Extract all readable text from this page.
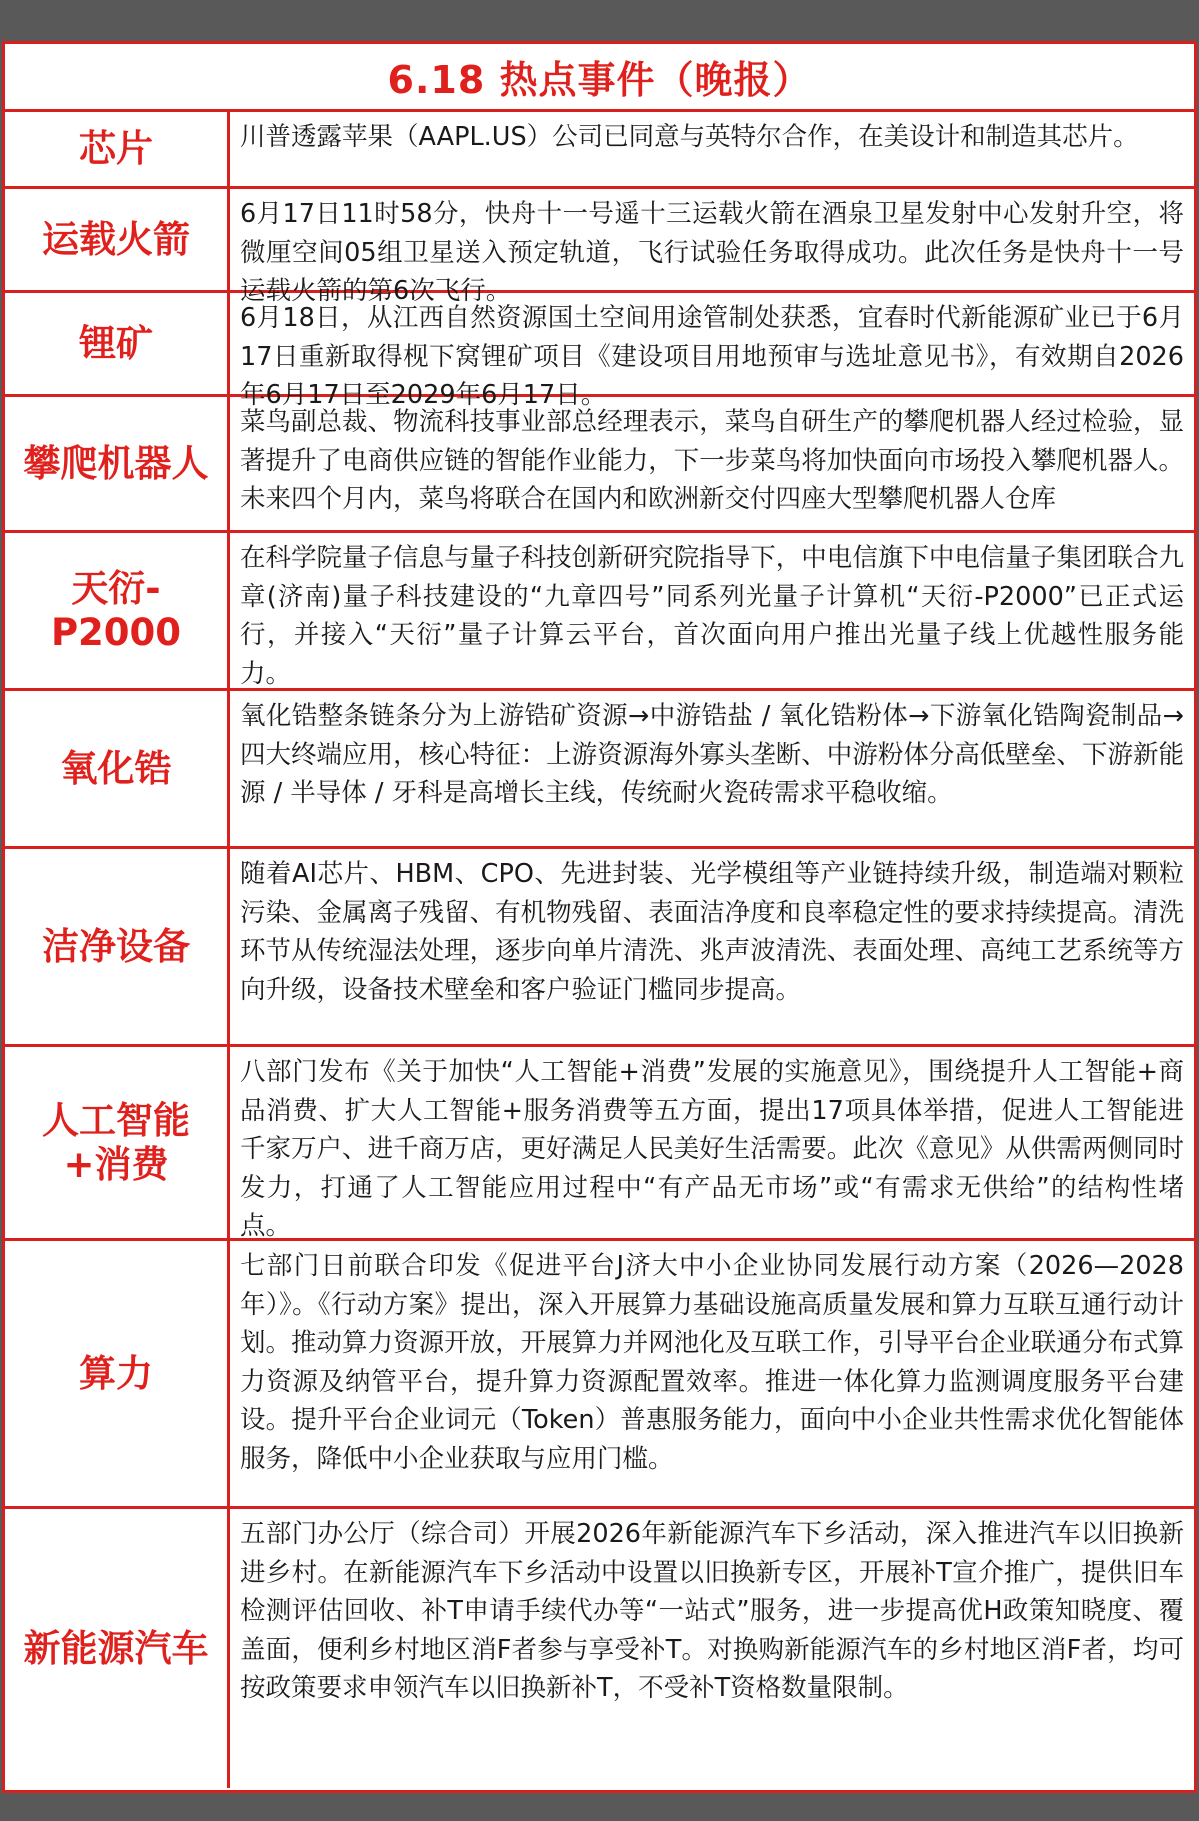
6.18 热点事件（晚报）
芯片	川普透露苹果（AAPL.US）公司已同意与英特尔合作，在美设计和制造其芯片。
运载火箭
6月17日11时58分，快舟十一号遥十三运载火箭在酒泉卫星发射中心发射升空，将微厘空间05组卫星送入预定轨道，飞行试验任务取得成功。此次任务是快舟十一号运载火箭的第6次飞行。
锂矿
6月18日，从江西自然资源国土空间用途管制处获悉，宜春时代新能源矿业已于6月17日重新取得枧下窝锂矿项目《建设项目用地预审与选址意见书》，有效期自2026年6月17日至2029年6月17日。
攀爬机器人
菜鸟副总裁、物流科技事业部总经理表示，菜鸟自研生产的攀爬机器人经过检验，显著提升了电商供应链的智能作业能力，下一步菜鸟将加快面向市场投入攀爬机器人。未来四个月内，菜鸟将联合在国内和欧洲新交付四座大型攀爬机器人仓库
天衍-P2000
在科学院量子信息与量子科技创新研究院指导下，中电信旗下中电信量子集团联合九章(济南)量子科技建设的“九章四号”同系列光量子计算机“天衍-P2000”已正式运行，并接入“天衍”量子计算云平台，首次面向用户推出光量子线上优越性服务能力。
氧化锆
氧化锆整条链条分为上游锆矿资源→中游锆盐 / 氧化锆粉体→下游氧化锆陶瓷制品→四大终端应用，核心特征：上游资源海外寡头垄断、中游粉体分高低壁垒、下游新能源 / 半导体 / 牙科是高增长主线，传统耐火瓷砖需求平稳收缩。
洁净设备
随着AI芯片、HBM、CPO、先进封装、光学模组等产业链持续升级，制造端对颗粒污染、金属离子残留、有机物残留、表面洁净度和良率稳定性的要求持续提高。清洗环节从传统湿法处理，逐步向单片清洗、兆声波清洗、表面处理、高纯工艺系统等方向升级，设备技术壁垒和客户验证门槛同步提高。
人工智能+消费
八部门发布《关于加快“人工智能+消费”发展的实施意见》，围绕提升人工智能+商品消费、扩大人工智能+服务消费等五方面，提出17项具体举措，促进人工智能进千家万户、进千商万店，更好满足人民美好生活需要。此次《意见》从供需两侧同时发力，打通了人工智能应用过程中“有产品无市场”或“有需求无供给”的结构性堵点。
算力
七部门日前联合印发《促进平台J济大中小企业协同发展行动方案（2026—2028年）》。《行动方案》提出，深入开展算力基础设施高质量发展和算力互联互通行动计划。推动算力资源开放，开展算力并网池化及互联工作，引导平台企业联通分布式算力资源及纳管平台，提升算力资源配置效率。推进一体化算力监测调度服务平台建设。提升平台企业词元（Token）普惠服务能力，面向中小企业共性需求优化智能体服务，降低中小企业获取与应用门槛。
新能源汽车
五部门办公厅（综合司）开展2026年新能源汽车下乡活动，深入推进汽车以旧换新进乡村。在新能源汽车下乡活动中设置以旧换新专区，开展补T宣介推广，提供旧车检测评估回收、补T申请手续代办等“一站式”服务，进一步提高优H政策知晓度、覆盖面，便利乡村地区消F者参与享受补T。对换购新能源汽车的乡村地区消F者，均可按政策要求申领汽车以旧换新补T，不受补T资格数量限制。
